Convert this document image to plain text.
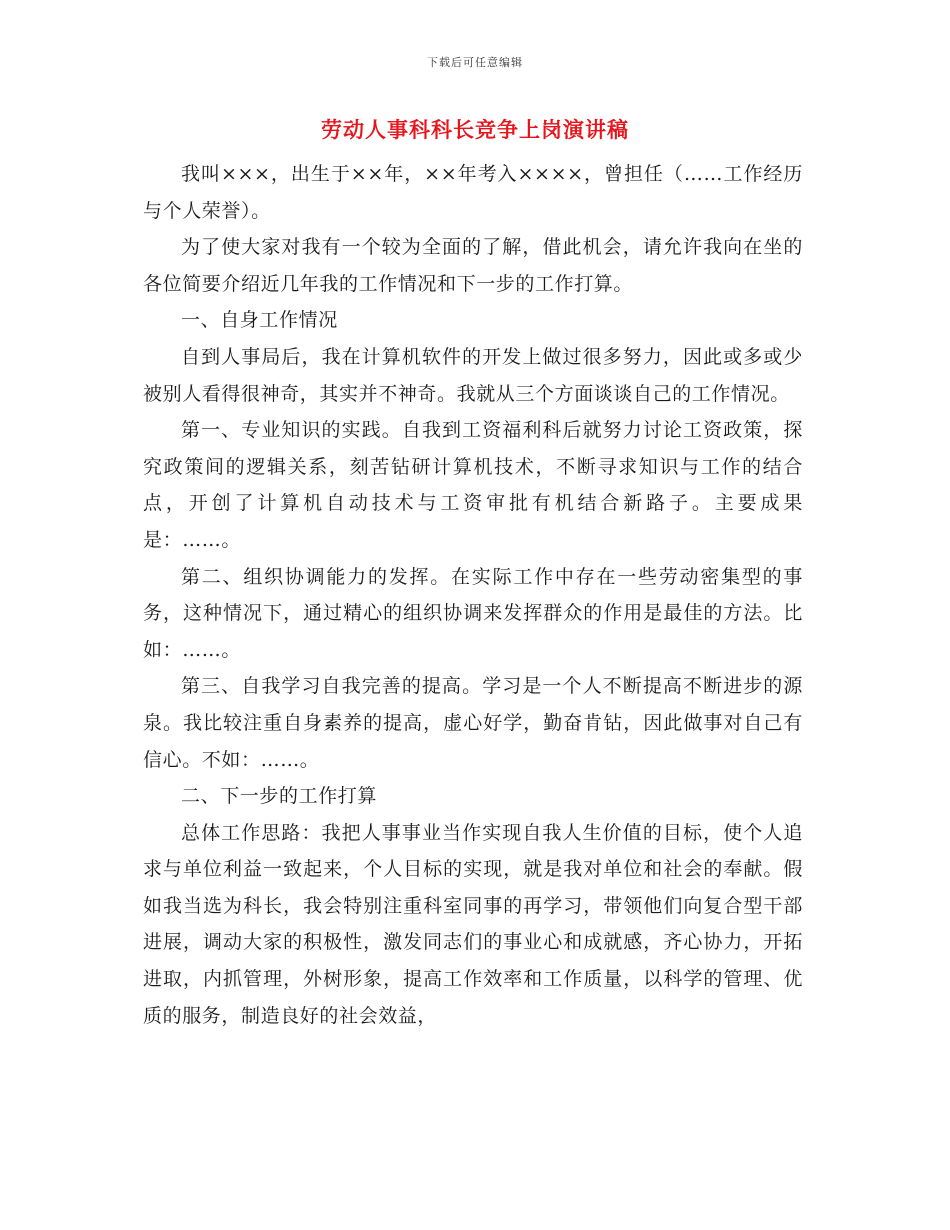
下载后可任意编辑
劳动人事科科长竞争上岗演讲稿

我叫×××，出生于××年，××年考入××××，曾担任（……工作经历与个人荣誉）。

为了使大家对我有一个较为全面的了解，借此机会，请允许我向在坐的各位简要介绍近几年我的工作情况和下一步的工作打算。

一、自身工作情况

自到人事局后，我在计算机软件的开发上做过很多努力，因此或多或少被别人看得很神奇，其实并不神奇。我就从三个方面谈谈自己的工作情况。

第一、专业知识的实践。自我到工资福利科后就努力讨论工资政策，探究政策间的逻辑关系，刻苦钻研计算机技术，不断寻求知识与工作的结合点，开创了计算机自动技术与工资审批有机结合新路子。主要成果是：……。

第二、组织协调能力的发挥。在实际工作中存在一些劳动密集型的事务，这种情况下，通过精心的组织协调来发挥群众的作用是最佳的方法。比如：……。

第三、自我学习自我完善的提高。学习是一个人不断提高不断进步的源泉。我比较注重自身素养的提高，虚心好学，勤奋肯钻，因此做事对自己有信心。不如：……。

二、下一步的工作打算

总体工作思路：我把人事事业当作实现自我人生价值的目标，使个人追求与单位利益一致起来，个人目标的实现，就是我对单位和社会的奉献。假如我当选为科长，我会特别注重科室同事的再学习，带领他们向复合型干部进展，调动大家的积极性，激发同志们的事业心和成就感，齐心协力，开拓进取，内抓管理，外树形象，提高工作效率和工作质量，以科学的管理、优质的服务，制造良好的社会效益，
